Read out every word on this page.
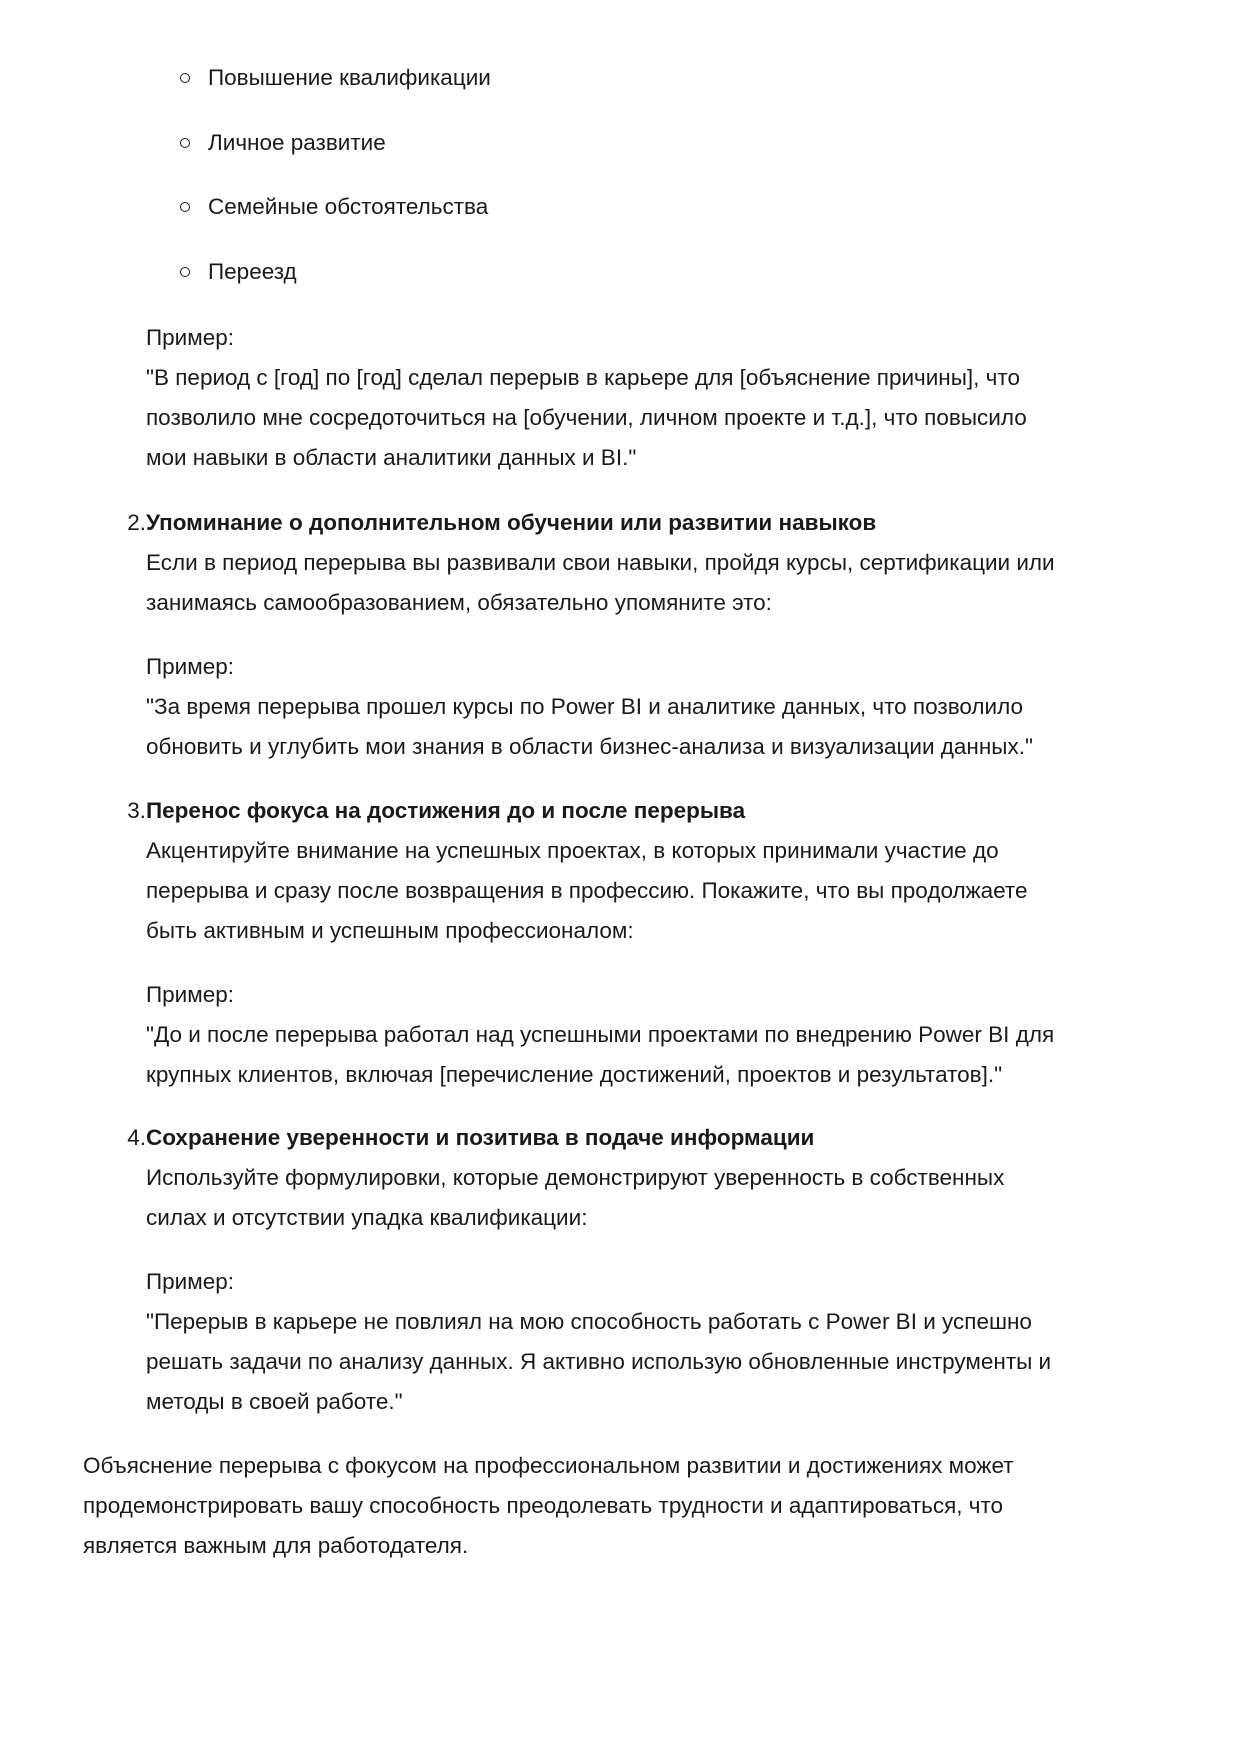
Повышение квалификации
Личное развитие
Семейные обстоятельства
Переезд
Пример:
"В период с [год] по [год] сделал перерыв в карьере для [объяснение причины], что
позволило мне сосредоточиться на [обучении, личном проекте и т.д.], что повысило
мои навыки в области аналитики данных и BI."
2. Упоминание о дополнительном обучении или развитии навыков
Если в период перерыва вы развивали свои навыки, пройдя курсы, сертификации или
занимаясь самообразованием, обязательно упомяните это:
Пример:
"За время перерыва прошел курсы по Power BI и аналитике данных, что позволило
обновить и углубить мои знания в области бизнес-анализа и визуализации данных."
3. Перенос фокуса на достижения до и после перерыва
Акцентируйте внимание на успешных проектах, в которых принимали участие до
перерыва и сразу после возвращения в профессию. Покажите, что вы продолжаете
быть активным и успешным профессионалом:
Пример:
"До и после перерыва работал над успешными проектами по внедрению Power BI для
крупных клиентов, включая [перечисление достижений, проектов и результатов]."
4. Сохранение уверенности и позитива в подаче информации
Используйте формулировки, которые демонстрируют уверенность в собственных
силах и отсутствии упадка квалификации:
Пример:
"Перерыв в карьере не повлиял на мою способность работать с Power BI и успешно
решать задачи по анализу данных. Я активно использую обновленные инструменты и
методы в своей работе."
Объяснение перерыва с фокусом на профессиональном развитии и достижениях может
продемонстрировать вашу способность преодолевать трудности и адаптироваться, что
является важным для работодателя.
